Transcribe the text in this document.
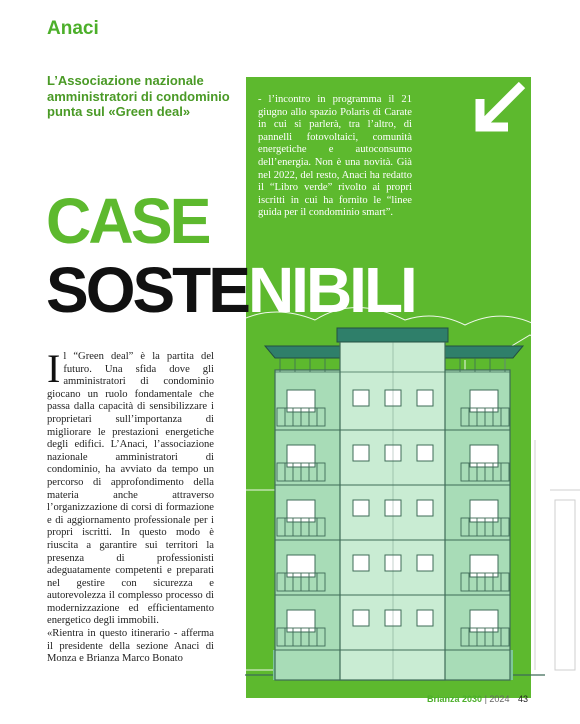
Anaci
L’Associazione nazionale amministratori di condominio punta sul «Green deal»
- l’incontro in programma il 21 giugno allo spazio Polaris di Carate in cui si parlerà, tra l’altro, di pannelli fotovoltaici, comunità energetiche e autoconsumo dell’energia. Non è una novità. Già nel 2022, del resto, Anaci ha redatto il “Libro verde” rivolto ai propri iscritti in cui ha fornito le “linee guida per il condominio smart”.
CASE
SOSTENIBILI
Il “Green deal” è la partita del futuro. Una sfida dove gli amministratori di condominio giocano un ruolo fondamentale che passa dalla capacità di sensibilizzare i proprietari sull’importanza di migliorare le prestazioni energetiche degli edifici. L’Anaci, l’associazione nazionale amministratori di condominio, ha avviato da tempo un percorso di approfondimento della materia anche attraverso l’organizzazione di corsi di formazione e di aggiornamento professionale per i propri iscritti. In questo modo è riuscita a garantire sui territori la presenza di professionisti adeguatamente competenti e preparati nel gestire con sicurezza e autorevolezza il complesso processo di modernizzazione ed efficientamento energetico degli immobili.
«Rientra in questo itinerario - afferma il presidente della sezione Anaci di Monza e Brianza Marco Bonato
Brianza 2030 | 2024 43
